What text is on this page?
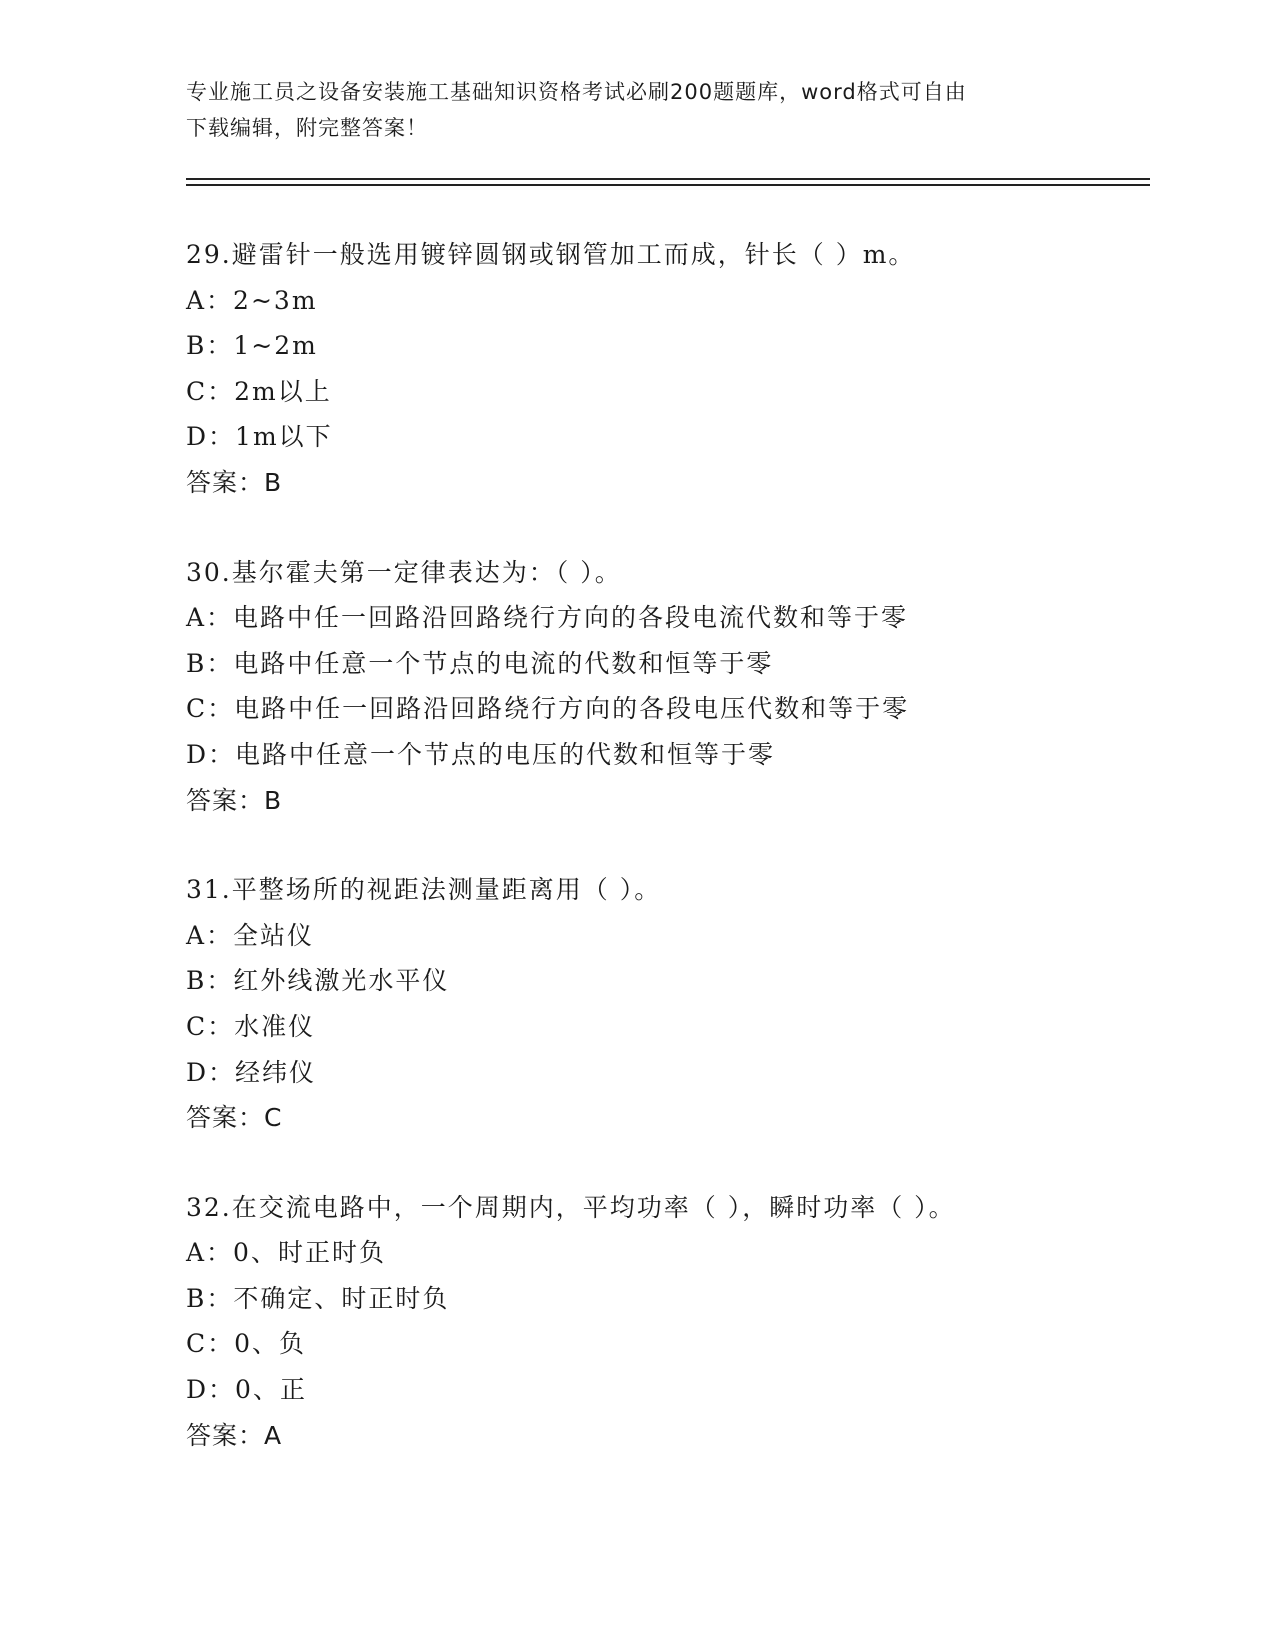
专业施工员之设备安装施工基础知识资格考试必刷200题题库，word格式可自由
下载编辑，附完整答案！
29.避雷针一般选用镀锌圆钢或钢管加工而成，针长（ ）m。
A：2~3m
B：1~2m
C：2m以上
D：1m以下
答案：B
30.基尔霍夫第一定律表达为：（ ）。
A：电路中任一回路沿回路绕行方向的各段电流代数和等于零
B：电路中任意一个节点的电流的代数和恒等于零
C：电路中任一回路沿回路绕行方向的各段电压代数和等于零
D：电路中任意一个节点的电压的代数和恒等于零
答案：B
31.平整场所的视距法测量距离用（ ）。
A：全站仪
B：红外线激光水平仪
C：水准仪
D：经纬仪
答案：C
32.在交流电路中，一个周期内，平均功率（ ），瞬时功率（ ）。
A：0、时正时负
B：不确定、时正时负
C：0、负
D：0、正
答案：A
